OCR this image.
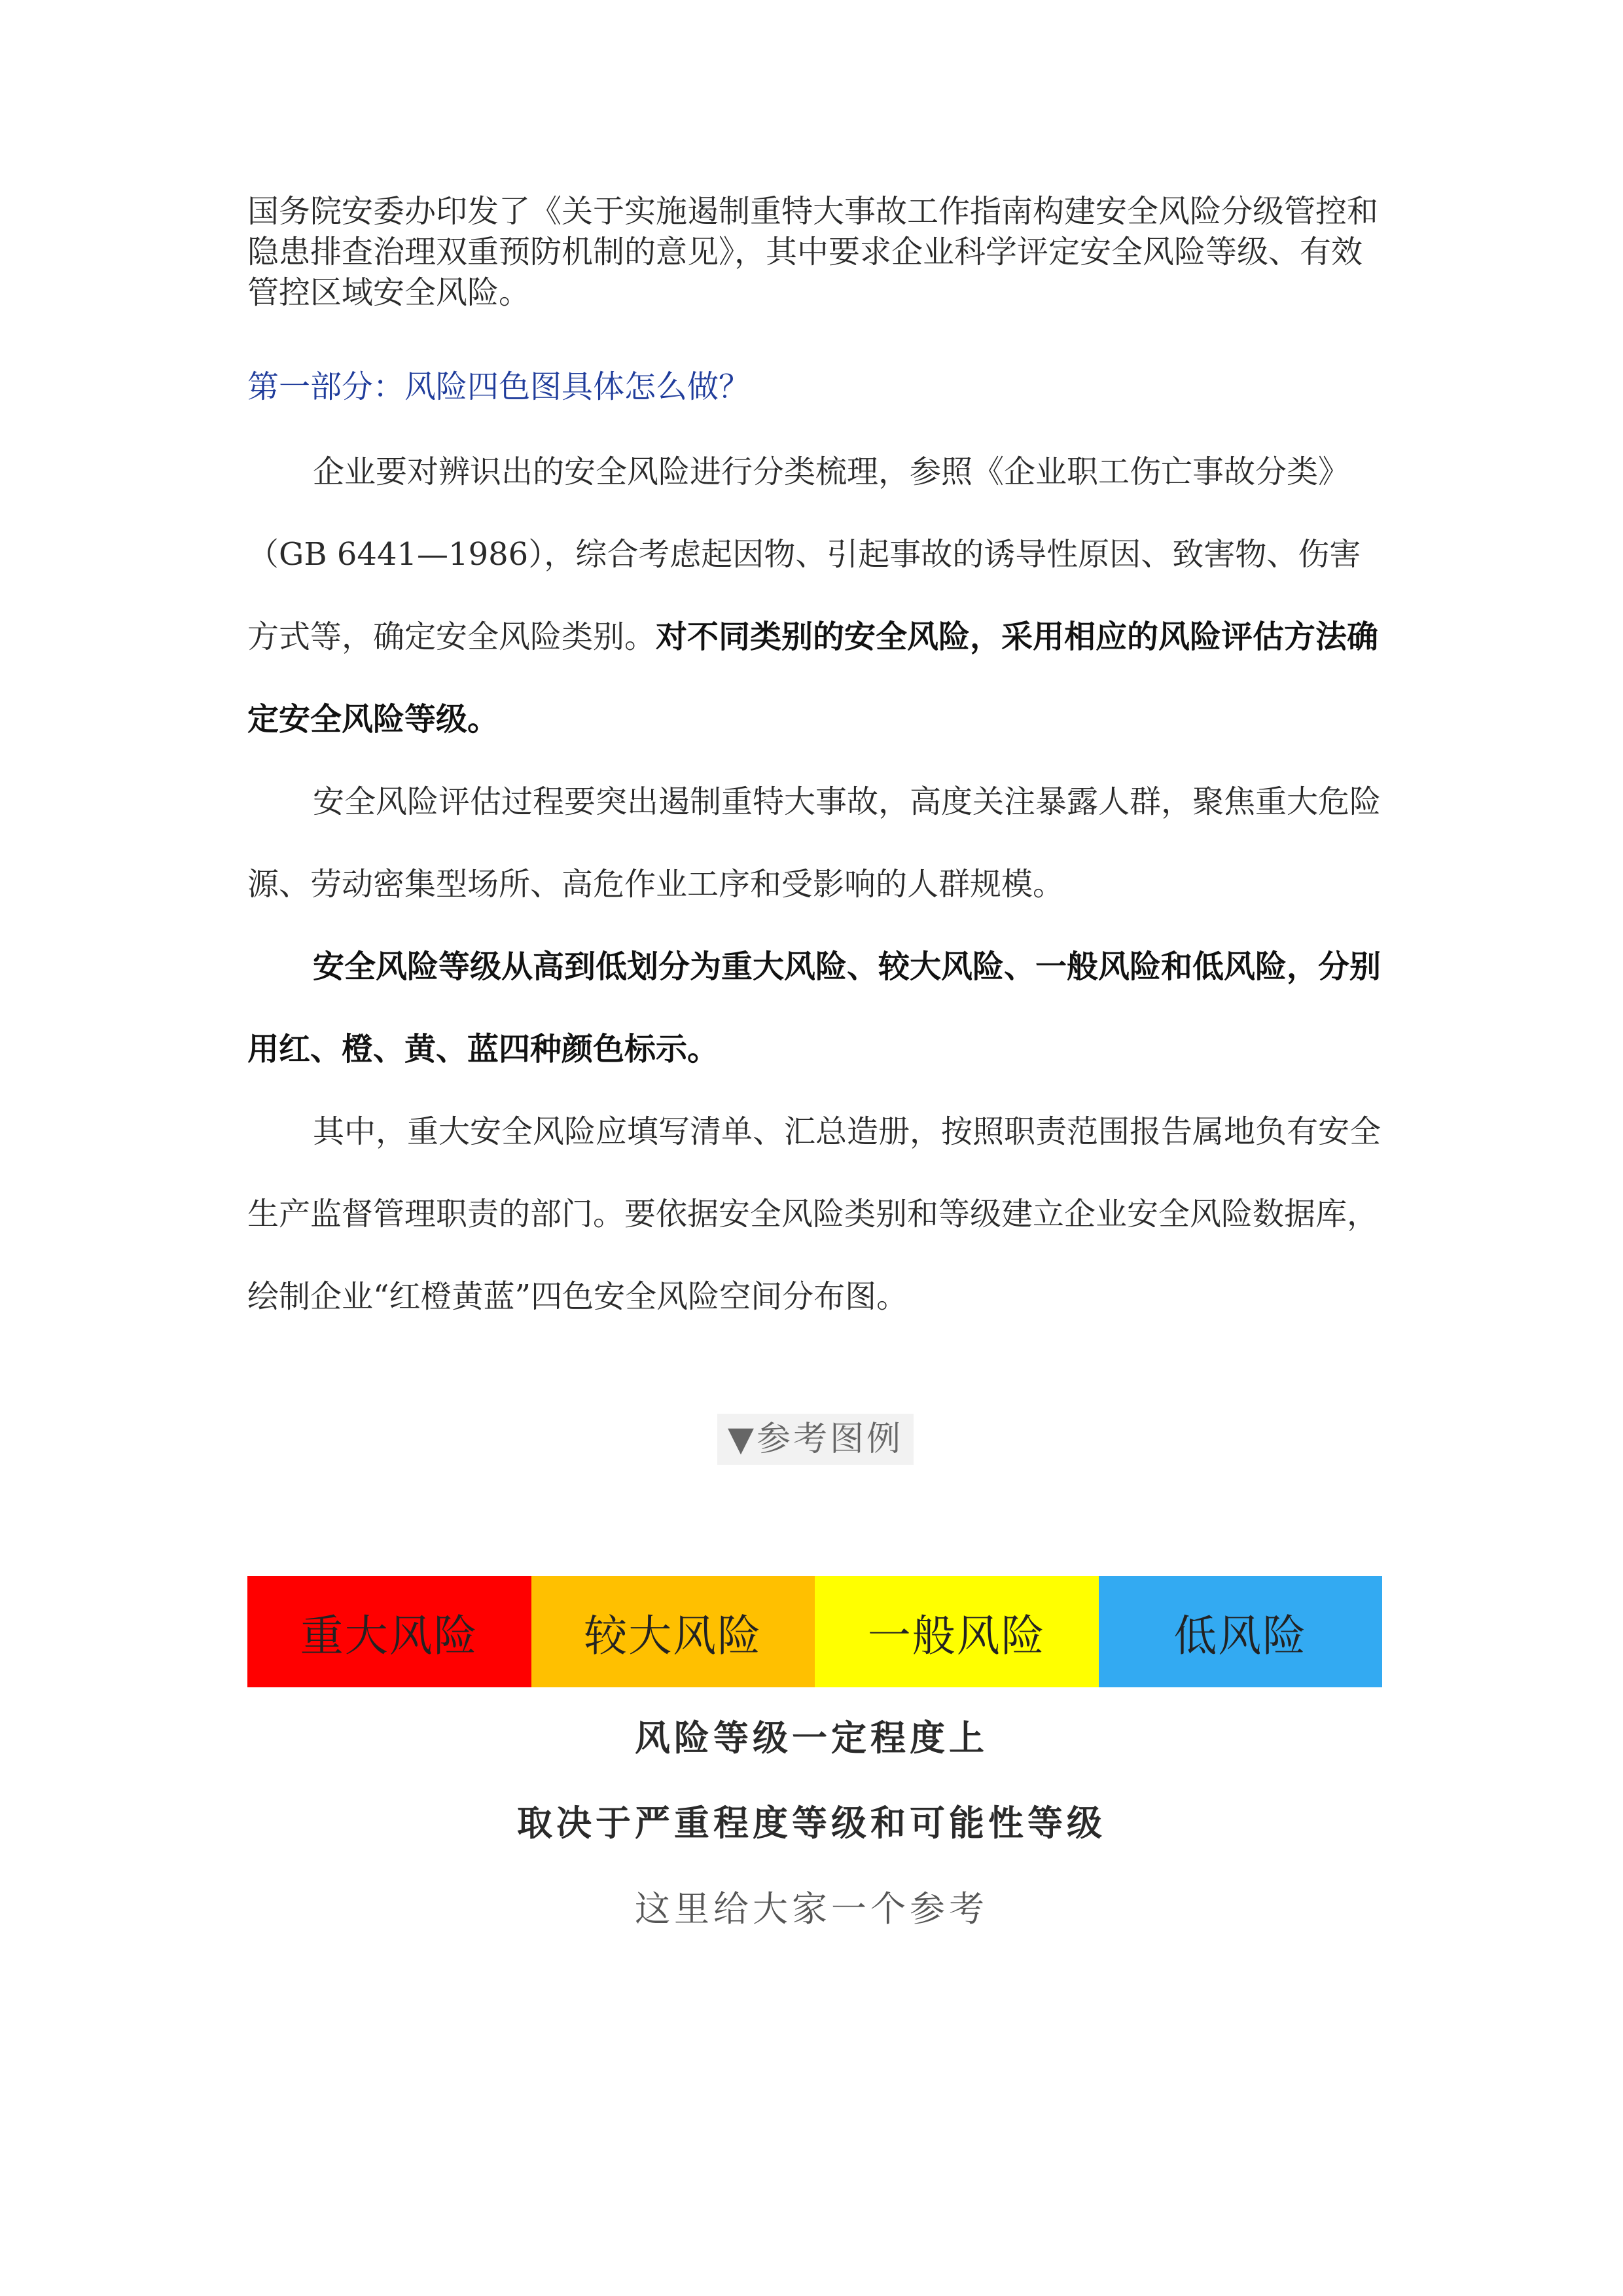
国务院安委办印发了《关于实施遏制重特大事故工作指南构建安全风险分级管控和隐患排查治理双重预防机制的意见》，其中要求企业科学评定安全风险等级、有效管控区域安全风险。

第一部分：风险四色图具体怎么做？

企业要对辨识出的安全风险进行分类梳理，参照《企业职工伤亡事故分类》（GB 6441—1986），综合考虑起因物、引起事故的诱导性原因、致害物、伤害方式等，确定安全风险类别。对不同类别的安全风险，采用相应的风险评估方法确定安全风险等级。

安全风险评估过程要突出遏制重特大事故，高度关注暴露人群，聚焦重大危险源、劳动密集型场所、高危作业工序和受影响的人群规模。

安全风险等级从高到低划分为重大风险、较大风险、一般风险和低风险，分别用红、橙、黄、蓝四种颜色标示。

其中，重大安全风险应填写清单、汇总造册，按照职责范围报告属地负有安全生产监督管理职责的部门。要依据安全风险类别和等级建立企业安全风险数据库，绘制企业“红橙黄蓝”四色安全风险空间分布图。

▼参考图例
重大风险	较大风险	一般风险	低风险

风险等级一定程度上

取决于严重程度等级和可能性等级

这里给大家一个参考
